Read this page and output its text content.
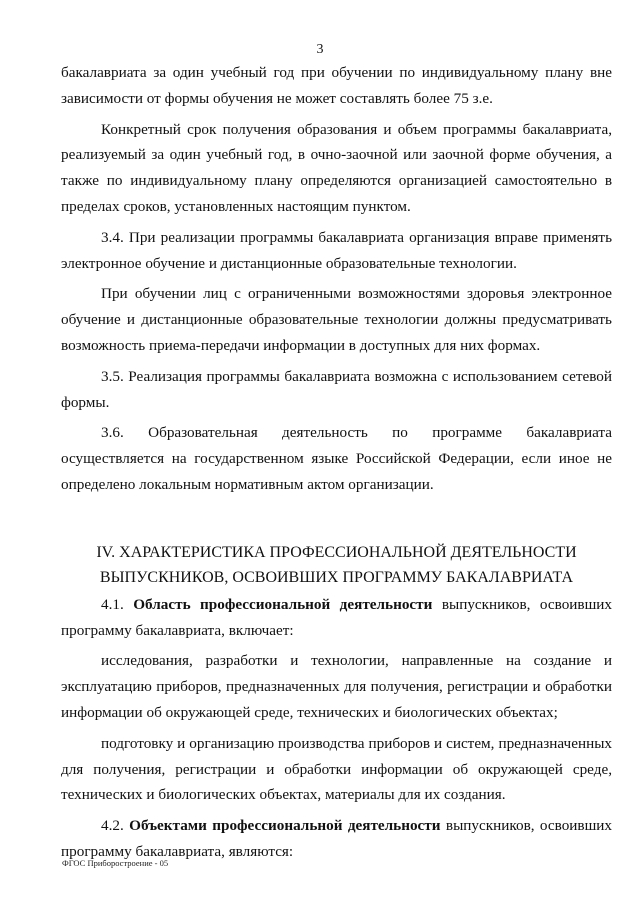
3

бакалавриата за один учебный год при обучении по индивидуальному плану вне зависимости от формы обучения не может составлять более 75 з.е.

Конкретный срок получения образования и объем программы бакалавриата, реализуемый за один учебный год, в очно-заочной или заочной форме обучения, а также по индивидуальному плану определяются организацией самостоятельно в пределах сроков, установленных настоящим пунктом.

3.4. При реализации программы бакалавриата организация вправе применять электронное обучение и дистанционные образовательные технологии.

При обучении лиц с ограниченными возможностями здоровья электронное обучение и дистанционные образовательные технологии должны предусматривать возможность приема-передачи информации в доступных для них формах.

3.5. Реализация программы бакалавриата возможна с использованием сетевой формы.

3.6. Образовательная деятельность по программе бакалавриата осуществляется на государственном языке Российской Федерации, если иное не определено локальным нормативным актом организации.

IV. ХАРАКТЕРИСТИКА ПРОФЕССИОНАЛЬНОЙ ДЕЯТЕЛЬНОСТИ
ВЫПУСКНИКОВ, ОСВОИВШИХ ПРОГРАММУ БАКАЛАВРИАТА

4.1. Область профессиональной деятельности выпускников, освоивших программу бакалавриата, включает:

исследования, разработки и технологии, направленные на создание и эксплуатацию приборов, предназначенных для получения, регистрации и обработки информации об окружающей среде, технических и биологических объектах;

подготовку и организацию производства приборов и систем, предназначенных для получения, регистрации и обработки информации об окружающей среде, технических и биологических объектах, материалы для их создания.

4.2. Объектами профессиональной деятельности выпускников, освоивших программу бакалавриата, являются:

ФГОС Приборостроение - 05
